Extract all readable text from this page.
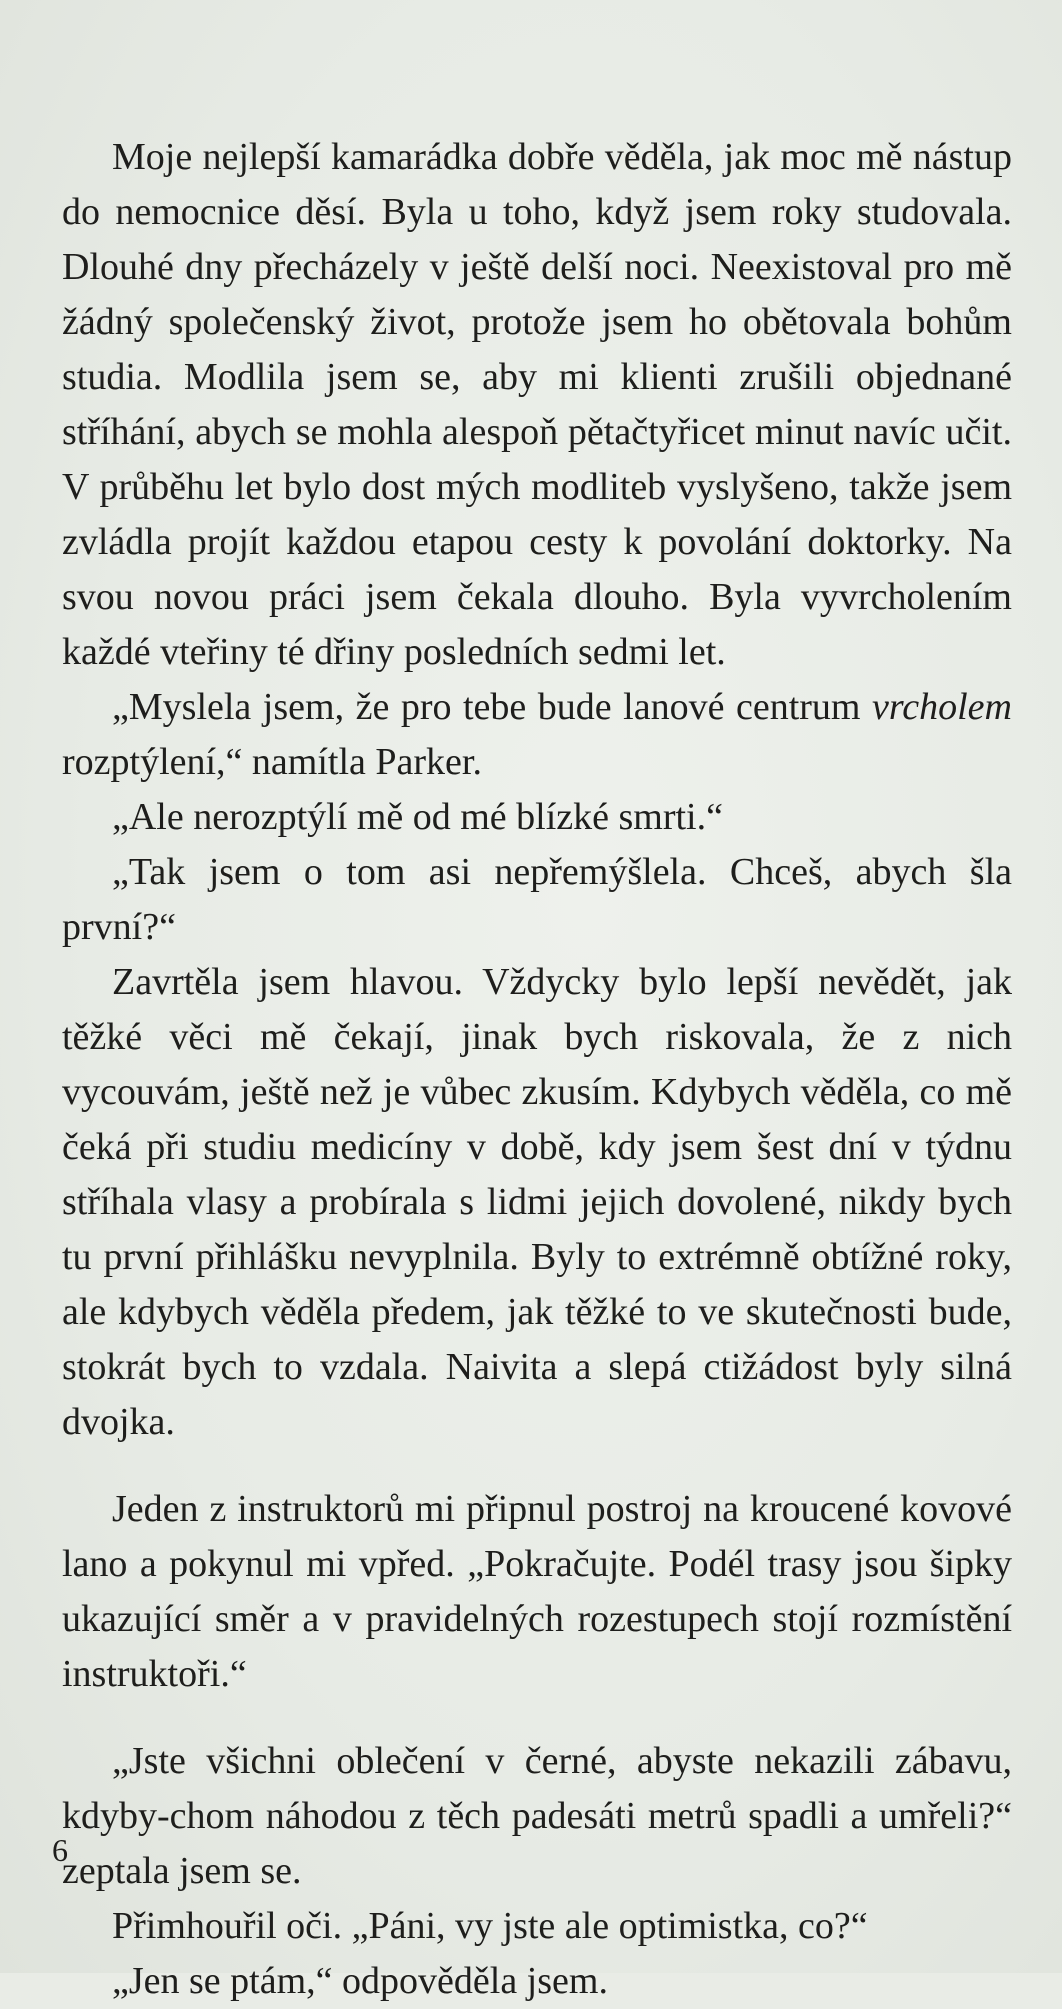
Moje nejlepší kamarádka dobře věděla, jak moc mě nástup do nemocnice děsí. Byla u toho, když jsem roky studovala. Dlouhé dny přecházely v ještě delší noci. Neexistoval pro mě žádný společenský život, protože jsem ho obětovala bohům studia. Modlila jsem se, aby mi klienti zrušili objednané stříhání, abych se mohla alespoň pětačtyřicet minut navíc učit. V průběhu let bylo dost mých modliteb vyslyšeno, takže jsem zvládla projít každou etapou cesty k povolání doktorky. Na svou novou práci jsem čekala dlouho. Byla vyvrcholením každé vteřiny té dřiny posledních sedmi let.

„Myslela jsem, že pro tebe bude lanové centrum vrcholem rozptýlení,“ namítla Parker.

„Ale nerozptýlí mě od mé blízké smrti.“

„Tak jsem o tom asi nepřemýšlela. Chceš, abych šla první?“

Zavrtěla jsem hlavou. Vždycky bylo lepší nevědět, jak těžké věci mě čekají, jinak bych riskovala, že z nich vycouvám, ještě než je vůbec zkusím. Kdybych věděla, co mě čeká při studiu medicíny v době, kdy jsem šest dní v týdnu stříhala vlasy a probírala s lidmi jejich dovolené, nikdy bych tu první přihlášku nevyplnila. Byly to extrémně obtížné roky, ale kdybych věděla předem, jak těžké to ve skutečnosti bude, stokrát bych to vzdala. Naivita a slepá ctižádost byly silná dvojka.

Jeden z instruktorů mi připnul postroj na kroucené kovové lano a pokynul mi vpřed. „Pokračujte. Podél trasy jsou šipky ukazující směr a v pravidelných rozestupech stojí rozmístění instruktoři.“

„Jste všichni oblečení v černé, abyste nekazili zábavu, kdyby-chom náhodou z těch padesáti metrů spadli a umřeli?“ zeptala jsem se.

Přimhouřil oči. „Páni, vy jste ale optimistka, co?“

„Jen se ptám,“ odpověděla jsem.

6
